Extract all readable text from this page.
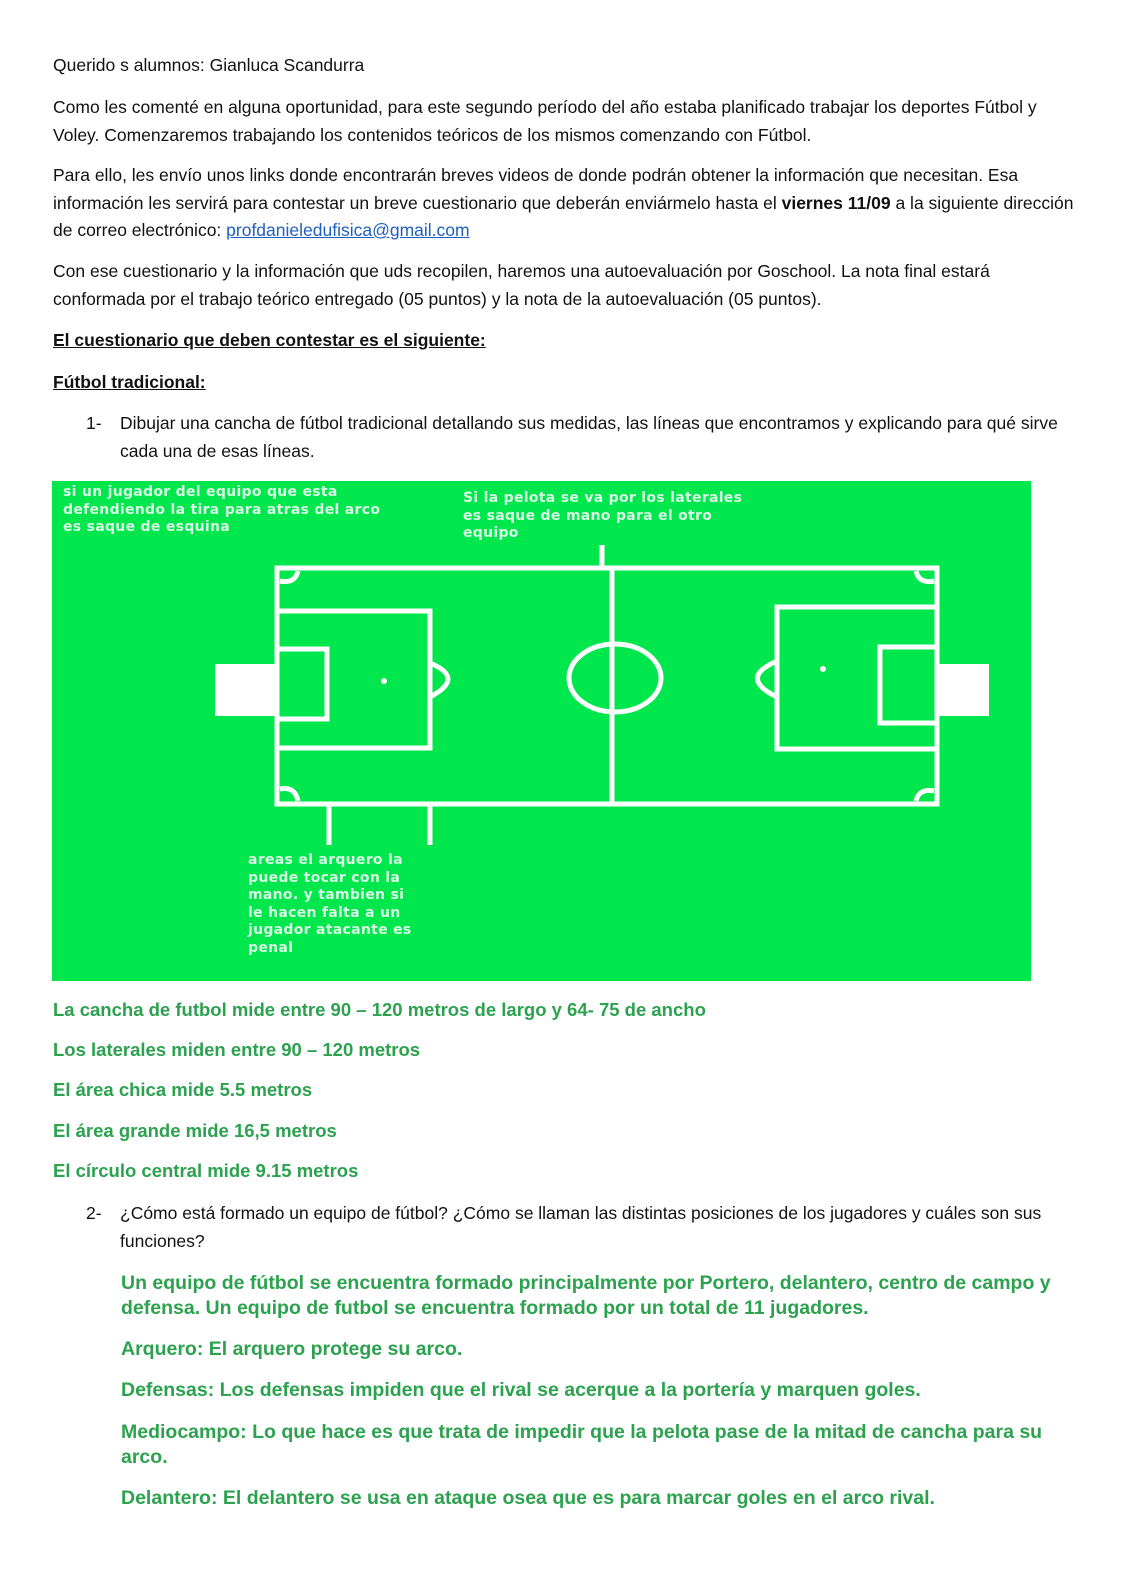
Querido s alumnos: Gianluca Scandurra
Como les comenté en alguna oportunidad, para este segundo período del año estaba planificado trabajar los deportes Fútbol y Voley. Comenzaremos trabajando los contenidos teóricos de los mismos comenzando con Fútbol.
Para ello, les envío unos links donde encontrarán breves videos de donde podrán obtener la información que necesitan. Esa información les servirá para contestar un breve cuestionario que deberán enviármelo hasta el viernes 11/09 a la siguiente dirección de correo electrónico: profdanieledufisica@gmail.com
Con ese cuestionario y la información que uds recopilen, haremos una autoevaluación por Goschool. La nota final estará conformada por el trabajo teórico entregado (05 puntos) y la nota de la autoevaluación (05 puntos).
El cuestionario que deben contestar es el siguiente:
Fútbol tradicional:
1- Dibujar una cancha de fútbol tradicional detallando sus medidas, las líneas que encontramos y explicando para qué sirve cada una de esas líneas.
si un jugador del equipo que esta defendiendo la tira para atras del arco es saque de esquina
Si la pelota se va por los laterales es saque de mano para el otro equipo
areas el arquero la puede tocar con la mano. y tambien si le hacen falta a un jugador atacante es penal
La cancha de futbol mide entre 90 – 120 metros de largo y 64- 75 de ancho
Los laterales miden entre 90 – 120 metros
El área chica mide 5.5 metros
El área grande mide 16,5 metros
El círculo central mide 9.15 metros
2- ¿Cómo está formado un equipo de fútbol? ¿Cómo se llaman las distintas posiciones de los jugadores y cuáles son sus funciones?
Un equipo de fútbol se encuentra formado principalmente por Portero, delantero, centro de campo y defensa. Un equipo de futbol se encuentra formado por un total de 11 jugadores.
Arquero: El arquero protege su arco.
Defensas: Los defensas impiden que el rival se acerque a la portería y marquen goles.
Mediocampo: Lo que hace es que trata de impedir que la pelota pase de la mitad de cancha para su arco.
Delantero: El delantero se usa en ataque osea que es para marcar goles en el arco rival.
